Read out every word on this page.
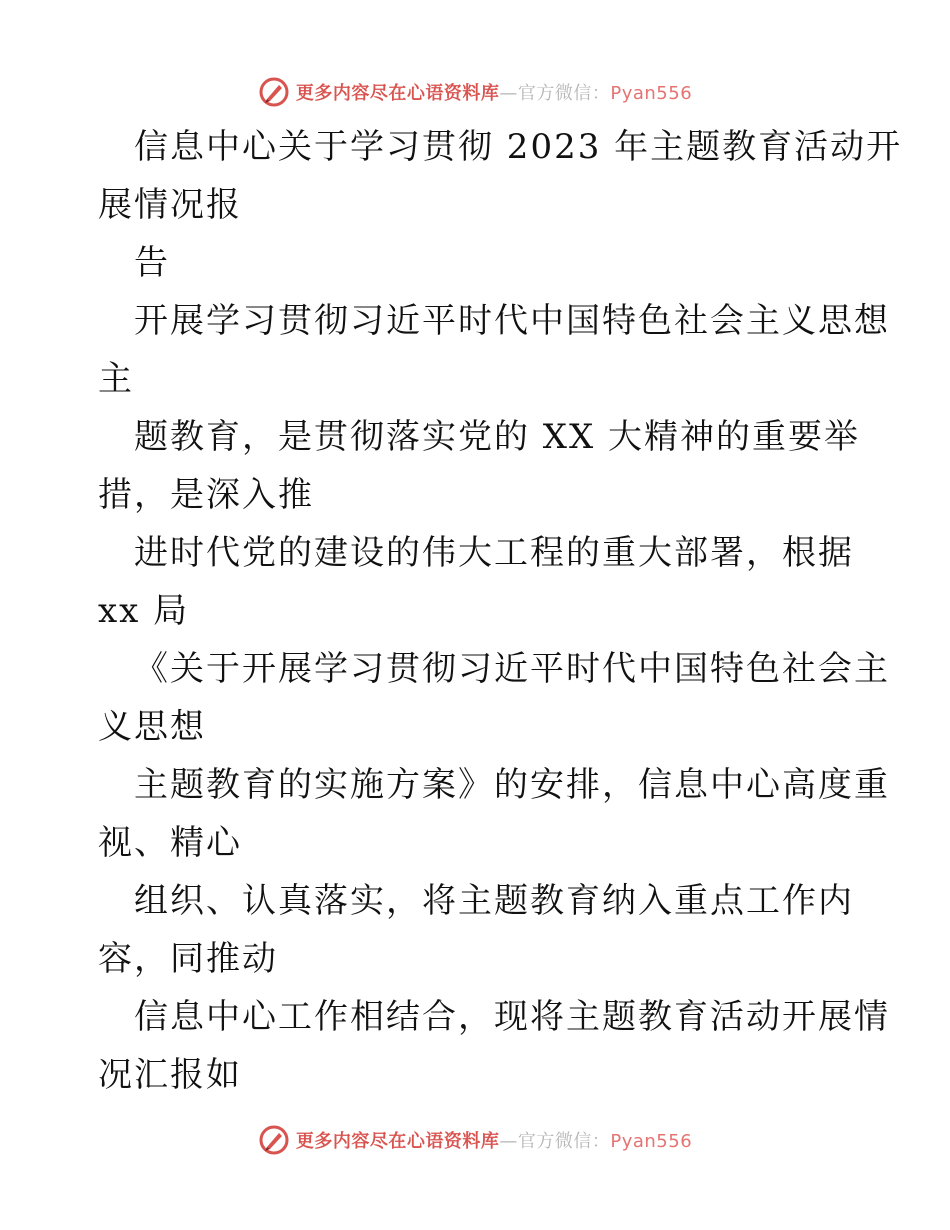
更多内容尽在心语资料库—官方微信：Pyan556
信息中心关于学习贯彻 2023 年主题教育活动开
展情况报
告
开展学习贯彻习近平时代中国特色社会主义思想
主
题教育，是贯彻落实党的 XX 大精神的重要举
措，是深入推
进时代党的建设的伟大工程的重大部署，根据
xx 局
《关于开展学习贯彻习近平时代中国特色社会主
义思想
主题教育的实施方案》的安排，信息中心高度重
视、精心
组织、认真落实，将主题教育纳入重点工作内
容，同推动
信息中心工作相结合，现将主题教育活动开展情
况汇报如
更多内容尽在心语资料库—官方微信：Pyan556
